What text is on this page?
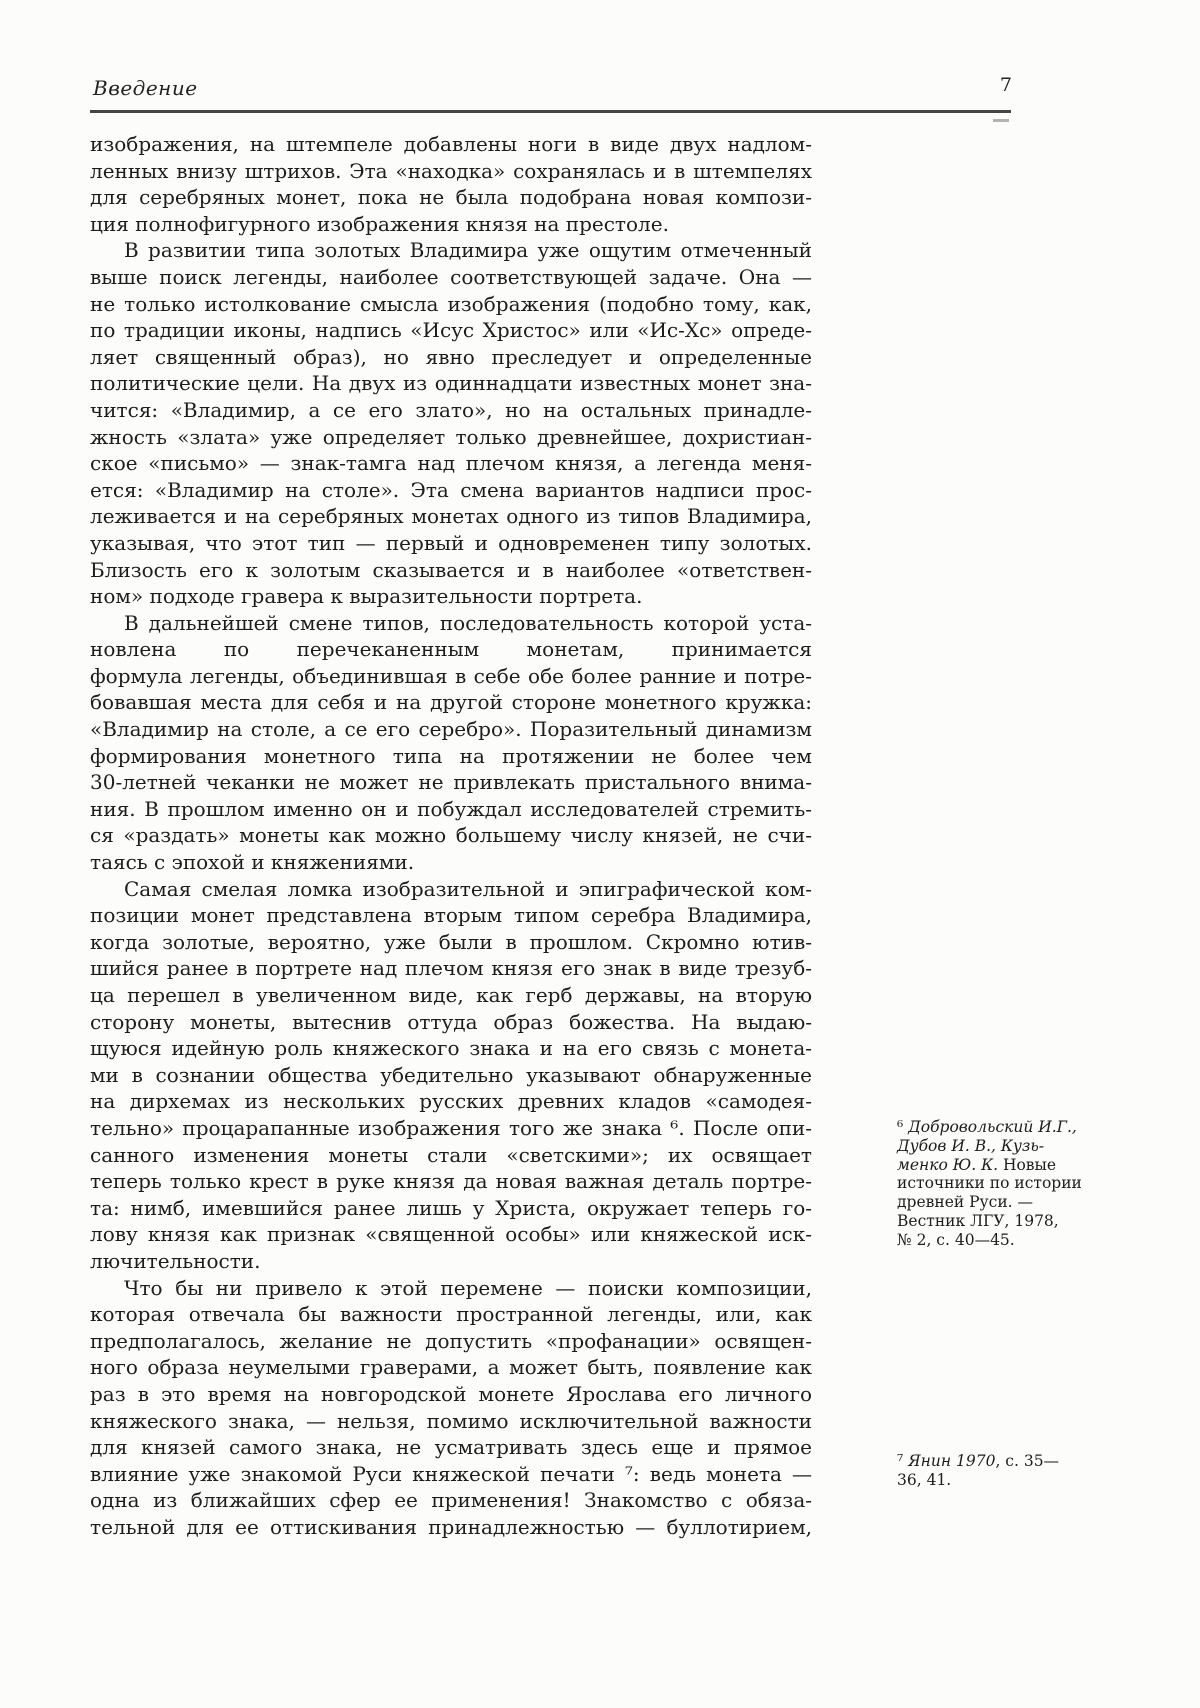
Введение	7
изображения, на штемпеле добавлены ноги в виде двух надлом-
ленных внизу штрихов. Эта «находка» сохранялась и в штемпелях
для серебряных монет, пока не была подобрана новая компози-
ция полнофигурного изображения князя на престоле.
В развитии типа золотых Владимира уже ощутим отмеченный
выше поиск легенды, наиболее соответствующей задаче. Она —
не только истолкование смысла изображения (подобно тому, как,
по традиции иконы, надпись «Исус Христос» или «Ис-Хс» опреде-
ляет священный образ), но явно преследует и определенные
политические цели. На двух из одиннадцати известных монет зна-
чится: «Владимир, а се его злато», но на остальных принадле-
жность «злата» уже определяет только древнейшее, дохристиан-
ское «письмо» — знак-тамга над плечом князя, а легенда меня-
ется: «Владимир на столе». Эта смена вариантов надписи прос-
леживается и на серебряных монетах одного из типов Владимира,
указывая, что этот тип — первый и одновременен типу золотых.
Близость его к золотым сказывается и в наиболее «ответствен-
ном» подходе гравера к выразительности портрета.
В дальнейшей смене типов, последовательность которой уста-
новлена по перечеканенным монетам, принимается
формула легенды, объединившая в себе обе более ранние и потре-
бовавшая места для себя и на другой стороне монетного кружка:
«Владимир на столе, а се его серебро». Поразительный динамизм
формирования монетного типа на протяжении не более чем
30-летней чеканки не может не привлекать пристального внима-
ния. В прошлом именно он и побуждал исследователей стремить-
ся «раздать» монеты как можно большему числу князей, не счи-
таясь с эпохой и княжениями.
Самая смелая ломка изобразительной и эпиграфической ком-
позиции монет представлена вторым типом серебра Владимира,
когда золотые, вероятно, уже были в прошлом. Скромно ютив-
шийся ранее в портрете над плечом князя его знак в виде трезуб-
ца перешел в увеличенном виде, как герб державы, на вторую
сторону монеты, вытеснив оттуда образ божества. На выдаю-
щуюся идейную роль княжеского знака и на его связь с монета-
ми в сознании общества убедительно указывают обнаруженные
на дирхемах из нескольких русских древних кладов «самодея-
тельно» процарапанные изображения того же знака ⁶. После опи-
санного изменения монеты стали «светскими»; их освящает
теперь только крест в руке князя да новая важная деталь портре-
та: нимб, имевшийся ранее лишь у Христа, окружает теперь го-
лову князя как признак «священной особы» или княжеской иск-
лючительности.
Что бы ни привело к этой перемене — поиски композиции,
которая отвечала бы важности пространной легенды, или, как
предполагалось, желание не допустить «профанации» освящен-
ного образа неумелыми граверами, а может быть, появление как
раз в это время на новгородской монете Ярослава его личного
княжеского знака, — нельзя, помимо исключительной важности
для князей самого знака, не усматривать здесь еще и прямое
влияние уже знакомой Руси княжеской печати ⁷: ведь монета —
одна из ближайших сфер ее применения! Знакомство с обяза-
тельной для ее оттискивания принадлежностью — буллотирием,
⁶ Добровольский И.Г.,
Дубов И. В., Кузь-
менко Ю. К. Новые
источники по истории
древней Руси. —
Вестник ЛГУ, 1978,
№ 2, с. 40—45.
⁷ Янин 1970, с. 35—
36, 41.
